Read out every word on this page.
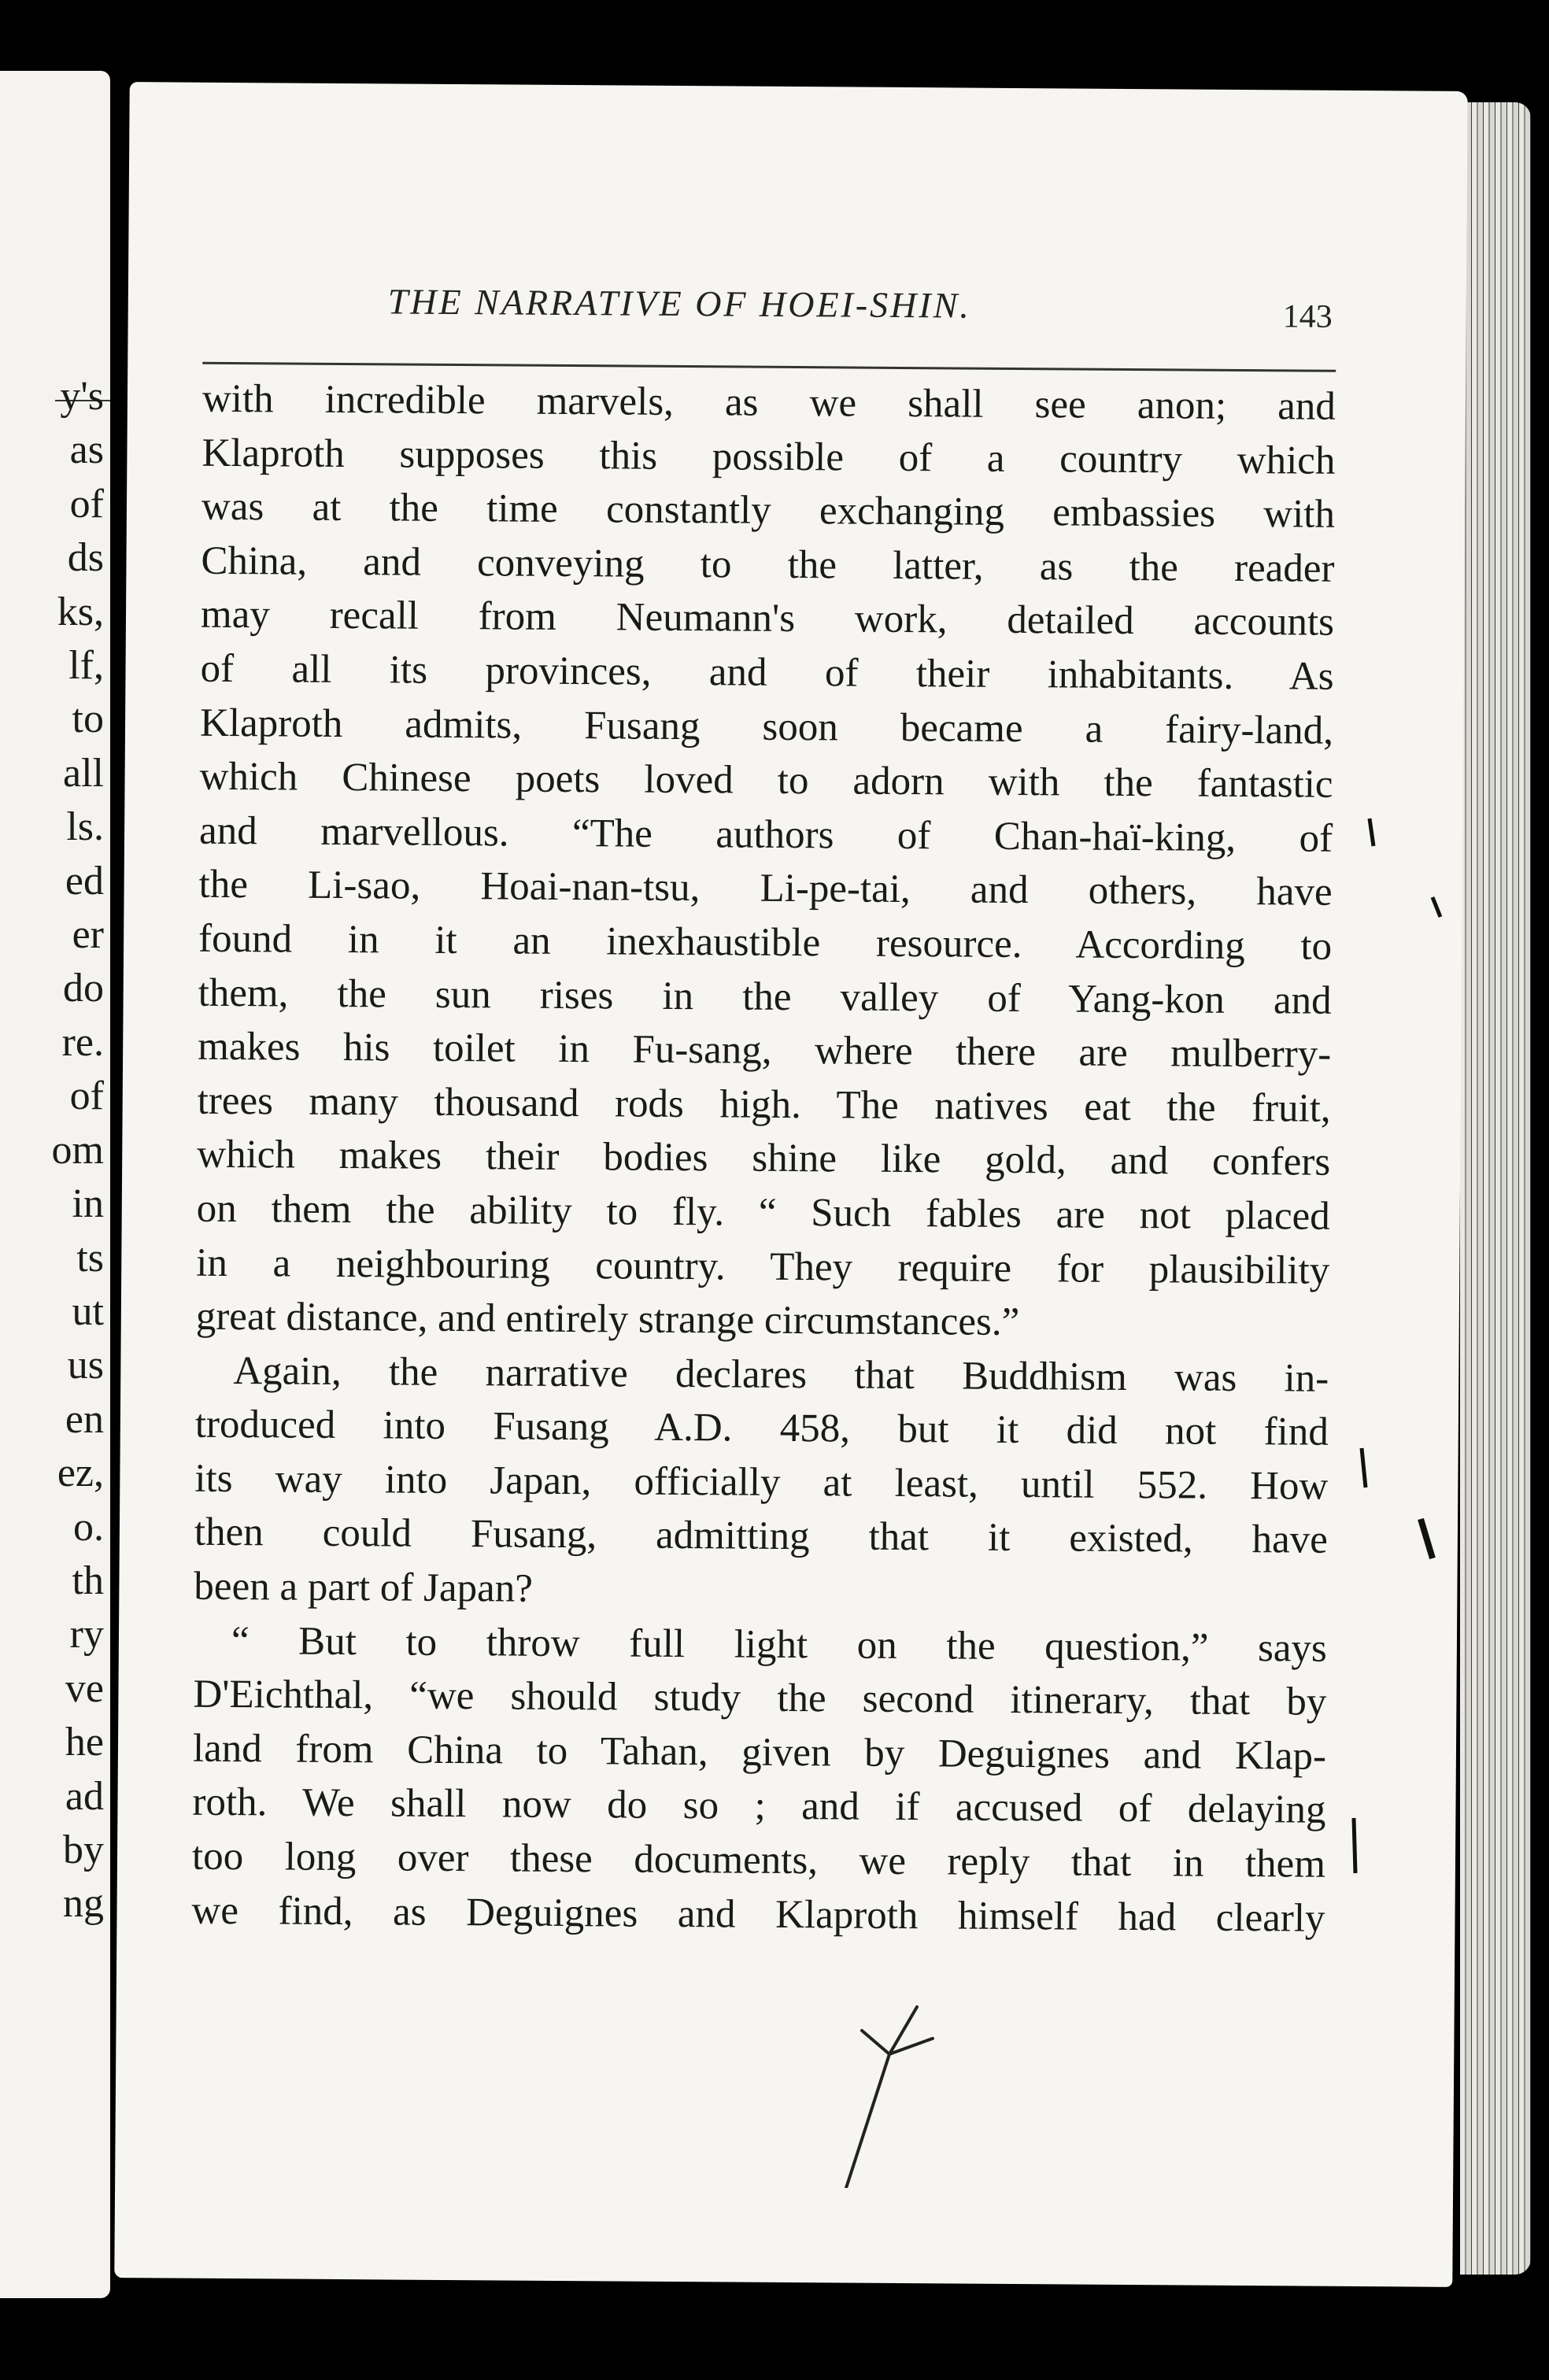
y's
as
of
ds
ks,
lf,
to
all
ls.
ed
er
do
re.
of
om
in
ts
ut
us
en
ez,
o.
th
ry
ve
he
ad
by
ng
THE NARRATIVE OF HOEI-SHIN.	143
with incredible marvels, as we shall see anon; and
Klaproth supposes this possible of a country which
was at the time constantly exchanging embassies with
China, and conveying to the latter, as the reader
may recall from Neumann's work, detailed accounts
of all its provinces, and of their inhabitants. As
Klaproth admits, Fusang soon became a fairy-land,
which Chinese poets loved to adorn with the fantastic
and marvellous. “The authors of Chan-haï-king, of
the Li-sao, Hoai-nan-tsu, Li-pe-tai, and others, have
found in it an inexhaustible resource. According to
them, the sun rises in the valley of Yang-kon and
makes his toilet in Fu-sang, where there are mulberry-
trees many thousand rods high. The natives eat the fruit,
which makes their bodies shine like gold, and confers
on them the ability to fly. “ Such fables are not placed
in a neighbouring country. They require for plausibility
great distance, and entirely strange circumstances.”
Again, the narrative declares that Buddhism was in-
troduced into Fusang A.D. 458, but it did not find
its way into Japan, officially at least, until 552. How
then could Fusang, admitting that it existed, have
been a part of Japan?
“ But to throw full light on the question,” says
D'Eichthal, “we should study the second itinerary, that by
land from China to Tahan, given by Deguignes and Klap-
roth. We shall now do so ; and if accused of delaying
too long over these documents, we reply that in them
we find, as Deguignes and Klaproth himself had clearly
